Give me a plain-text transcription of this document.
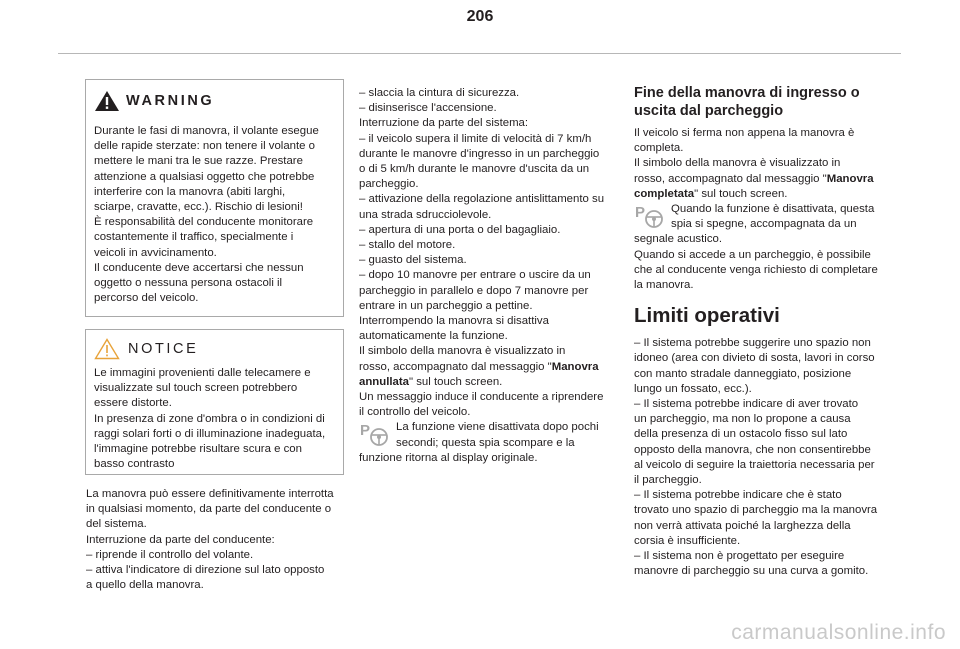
206
WARNING
Durante le fasi di manovra, il volante esegue
delle rapide sterzate: non tenere il volante o
mettere le mani tra le sue razze. Prestare
attenzione a qualsiasi oggetto che potrebbe
interferire con la manovra (abiti larghi,
sciarpe, cravatte, ecc.). Rischio di lesioni!
È responsabilità del conducente monitorare
costantemente il traffico, specialmente i
veicoli in avvicinamento.
Il conducente deve accertarsi che nessun
oggetto o nessuna persona ostacoli il
percorso del veicolo.
NOTICE
Le immagini provenienti dalle telecamere e
visualizzate sul touch screen potrebbero
essere distorte.
In presenza di zone d'ombra o in condizioni di
raggi solari forti o di illuminazione inadeguata,
l'immagine potrebbe risultare scura e con
basso contrasto
La manovra può essere definitivamente interrotta
in qualsiasi momento, da parte del conducente o
del sistema.
Interruzione da parte del conducente:
– riprende il controllo del volante.
– attiva l'indicatore di direzione sul lato opposto
a quello della manovra.
– slaccia la cintura di sicurezza.
– disinserisce l'accensione.
Interruzione da parte del sistema:
– il veicolo supera il limite di velocità di 7 km/h
durante le manovre d'ingresso in un parcheggio
o di 5 km/h durante le manovre d'uscita da un
parcheggio.
– attivazione della regolazione antislittamento su
una strada sdrucciolevole.
– apertura di una porta o del bagagliaio.
– stallo del motore.
– guasto del sistema.
– dopo 10 manovre per entrare o uscire da un
parcheggio in parallelo e dopo 7 manovre per
entrare in un parcheggio a pettine.
Interrompendo la manovra si disattiva
automaticamente la funzione.
Il simbolo della manovra è visualizzato in
rosso, accompagnato dal messaggio "Manovra
annullata" sul touch screen.
Un messaggio induce il conducente a riprendere
il controllo del veicolo.
P	La funzione viene disattivata dopo pochi
secondi; questa spia scompare e la
funzione ritorna al display originale.
Fine della manovra di ingresso o
uscita dal parcheggio
Il veicolo si ferma non appena la manovra è
completa.
Il simbolo della manovra è visualizzato in
rosso, accompagnato dal messaggio "Manovra
completata" sul touch screen.
P	Quando la funzione è disattivata, questa
spia si spegne, accompagnata da un
segnale acustico.
Quando si accede a un parcheggio, è possibile
che al conducente venga richiesto di completare
la manovra.
Limiti operativi
– Il sistema potrebbe suggerire uno spazio non
idoneo (area con divieto di sosta, lavori in corso
con manto stradale danneggiato, posizione
lungo un fossato, ecc.).
– Il sistema potrebbe indicare di aver trovato
un parcheggio, ma non lo propone a causa
della presenza di un ostacolo fisso sul lato
opposto della manovra, che non consentirebbe
al veicolo di seguire la traiettoria necessaria per
il parcheggio.
– Il sistema potrebbe indicare che è stato
trovato uno spazio di parcheggio ma la manovra
non verrà attivata poiché la larghezza della
corsia è insufficiente.
– Il sistema non è progettato per eseguire
manovre di parcheggio su una curva a gomito.
carmanualsonline.info
